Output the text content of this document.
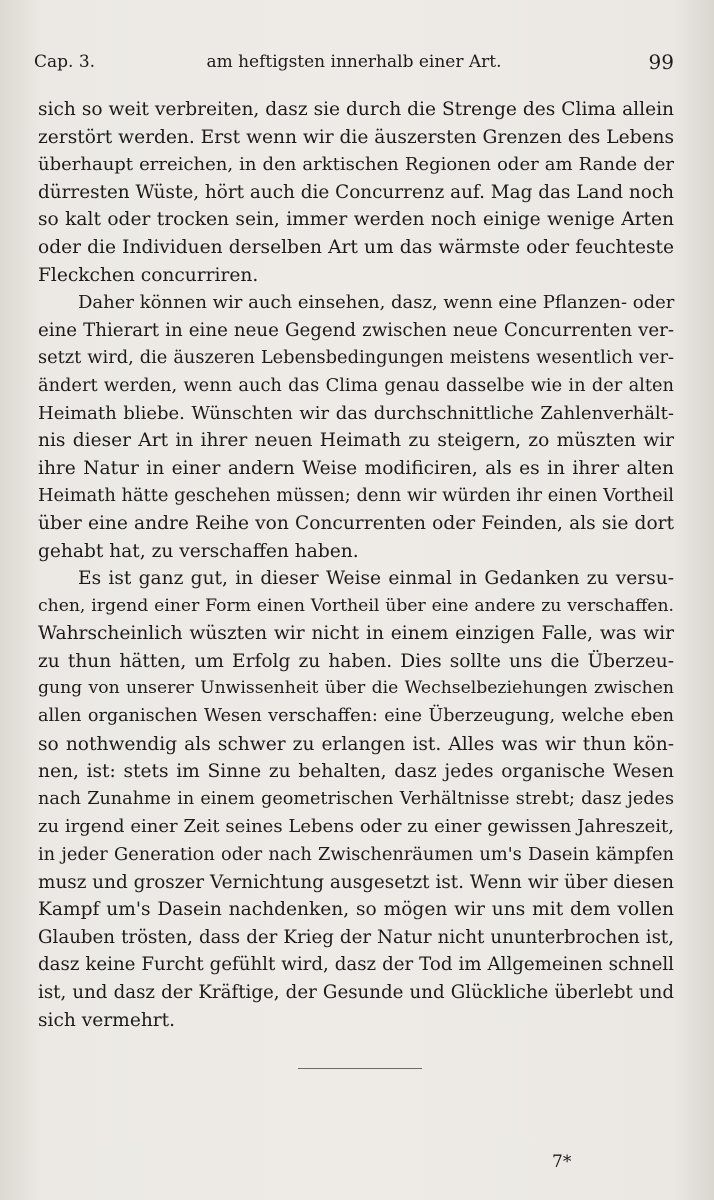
Cap. 3.	am heftigsten innerhalb einer Art.	99
sich so weit verbreiten, dasz sie durch die Strenge des Clima allein
zerstört werden. Erst wenn wir die äuszersten Grenzen des Lebens
überhaupt erreichen, in den arktischen Regionen oder am Rande der
dürresten Wüste, hört auch die Concurrenz auf. Mag das Land noch
so kalt oder trocken sein, immer werden noch einige wenige Arten
oder die Individuen derselben Art um das wärmste oder feuchteste
Fleckchen concurriren.
Daher können wir auch einsehen, dasz, wenn eine Pflanzen- oder
eine Thierart in eine neue Gegend zwischen neue Concurrenten ver-
setzt wird, die äuszeren Lebensbedingungen meistens wesentlich ver-
ändert werden, wenn auch das Clima genau dasselbe wie in der alten
Heimath bliebe. Wünschten wir das durchschnittliche Zahlenverhält-
nis dieser Art in ihrer neuen Heimath zu steigern, zo müszten wir
ihre Natur in einer andern Weise modificiren, als es in ihrer alten
Heimath hätte geschehen müssen; denn wir würden ihr einen Vortheil
über eine andre Reihe von Concurrenten oder Feinden, als sie dort
gehabt hat, zu verschaffen haben.
Es ist ganz gut, in dieser Weise einmal in Gedanken zu versu-
chen, irgend einer Form einen Vortheil über eine andere zu verschaffen.
Wahrscheinlich wüszten wir nicht in einem einzigen Falle, was wir
zu thun hätten, um Erfolg zu haben. Dies sollte uns die Überzeu-
gung von unserer Unwissenheit über die Wechselbeziehungen zwischen
allen organischen Wesen verschaffen: eine Überzeugung, welche eben
so nothwendig als schwer zu erlangen ist. Alles was wir thun kön-
nen, ist: stets im Sinne zu behalten, dasz jedes organische Wesen
nach Zunahme in einem geometrischen Verhältnisse strebt; dasz jedes
zu irgend einer Zeit seines Lebens oder zu einer gewissen Jahreszeit,
in jeder Generation oder nach Zwischenräumen um's Dasein kämpfen
musz und groszer Vernichtung ausgesetzt ist. Wenn wir über diesen
Kampf um's Dasein nachdenken, so mögen wir uns mit dem vollen
Glauben trösten, dass der Krieg der Natur nicht ununterbrochen ist,
dasz keine Furcht gefühlt wird, dasz der Tod im Allgemeinen schnell
ist, und dasz der Kräftige, der Gesunde und Glückliche überlebt und
sich vermehrt.
7*
